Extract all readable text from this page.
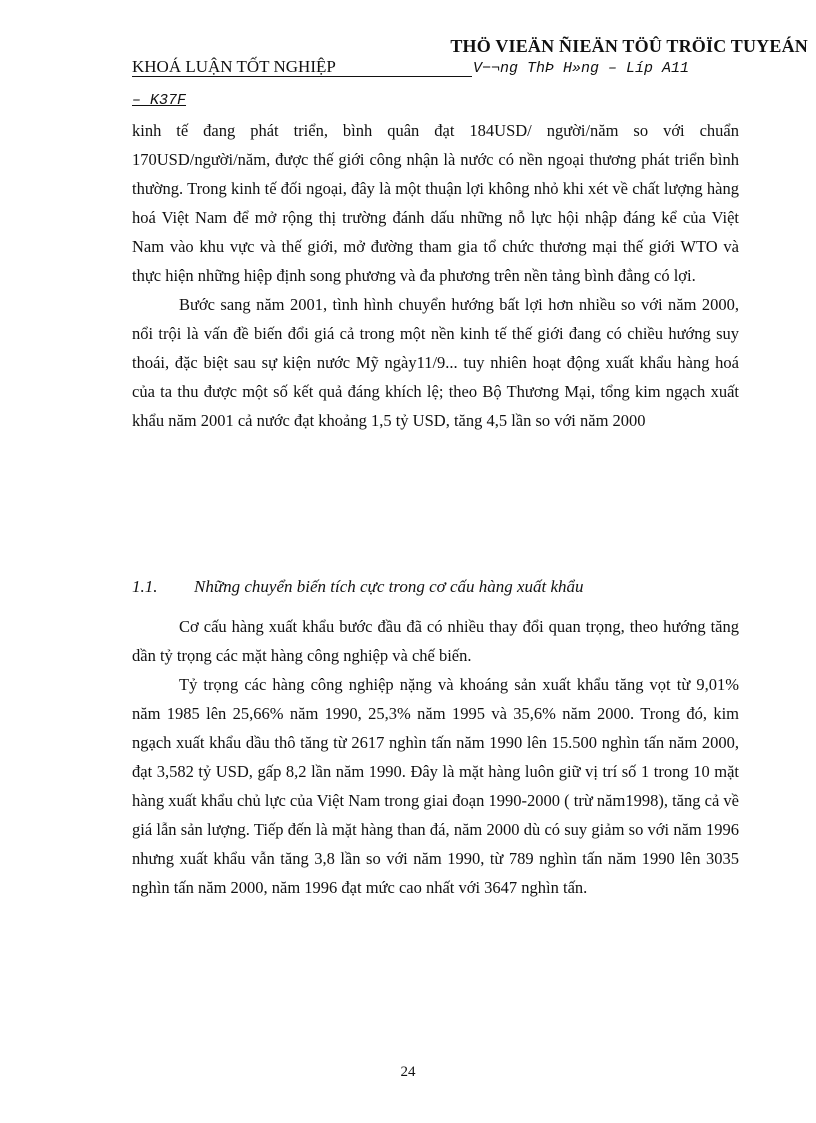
THÖ VIEÄN ÑIEÄN TÖÛ TRÖÏC TUYEÁN
KHOÁ LUẬN TỐT NGHIỆP	V−¬ng ThÞ H»ng – Líp A11
– K37F

kinh tế đang phát triển, bình quân đạt 184USD/ người/năm so với chuẩn 170USD/người/năm, được thế giới công nhận là nước có nền ngoại thương phát triển bình thường. Trong kinh tế đối ngoại, đây là một thuận lợi không nhỏ khi xét về chất lượng hàng hoá Việt Nam để mở rộng thị trường đánh dấu những nỗ lực hội nhập đáng kể của Việt Nam vào khu vực và thế giới, mở đường tham gia tổ chức thương mại thế giới WTO và thực hiện những hiệp định song phương và đa phương trên nền tảng bình đẳng có lợi.

Bước sang năm 2001, tình hình chuyển hướng bất lợi hơn nhiều so với năm 2000, nổi trội là vấn đề biến đổi giá cả trong một nền kinh tế thế giới đang có chiều hướng suy thoái, đặc biệt sau sự kiện nước Mỹ ngày11/9... tuy nhiên hoạt động xuất khẩu hàng hoá của ta thu được một số kết quả đáng khích lệ; theo Bộ Thương Mại, tổng kim ngạch xuất khẩu năm 2001 cả nước đạt khoảng 1,5 tỷ USD, tăng 4,5 lần so với năm 2000

1.1. Những chuyển biến tích cực trong cơ cấu hàng xuất khẩu

Cơ cấu hàng xuất khẩu bước đầu đã có nhiều thay đổi quan trọng, theo hướng tăng dần tỷ trọng các mặt hàng công nghiệp và chế biến.

Tỷ trọng các hàng công nghiệp nặng và khoáng sản xuất khẩu tăng vọt từ 9,01% năm 1985 lên 25,66% năm 1990, 25,3% năm 1995 và 35,6% năm 2000. Trong đó, kim ngạch xuất khẩu dầu thô tăng từ 2617 nghìn tấn năm 1990 lên 15.500 nghìn tấn năm 2000, đạt 3,582 tỷ USD, gấp 8,2 lần năm 1990. Đây là mặt hàng luôn giữ vị trí số 1 trong 10 mặt hàng xuất khẩu chủ lực của Việt Nam trong giai đoạn 1990-2000 ( trừ năm1998), tăng cả về giá lẫn sản lượng. Tiếp đến là mặt hàng than đá, năm 2000 dù có suy giảm so với năm 1996 nhưng xuất khẩu vẫn tăng 3,8 lần so với năm 1990, từ 789 nghìn tấn năm 1990 lên 3035 nghìn tấn năm 2000, năm 1996 đạt mức cao nhất với 3647 nghìn tấn.

24
